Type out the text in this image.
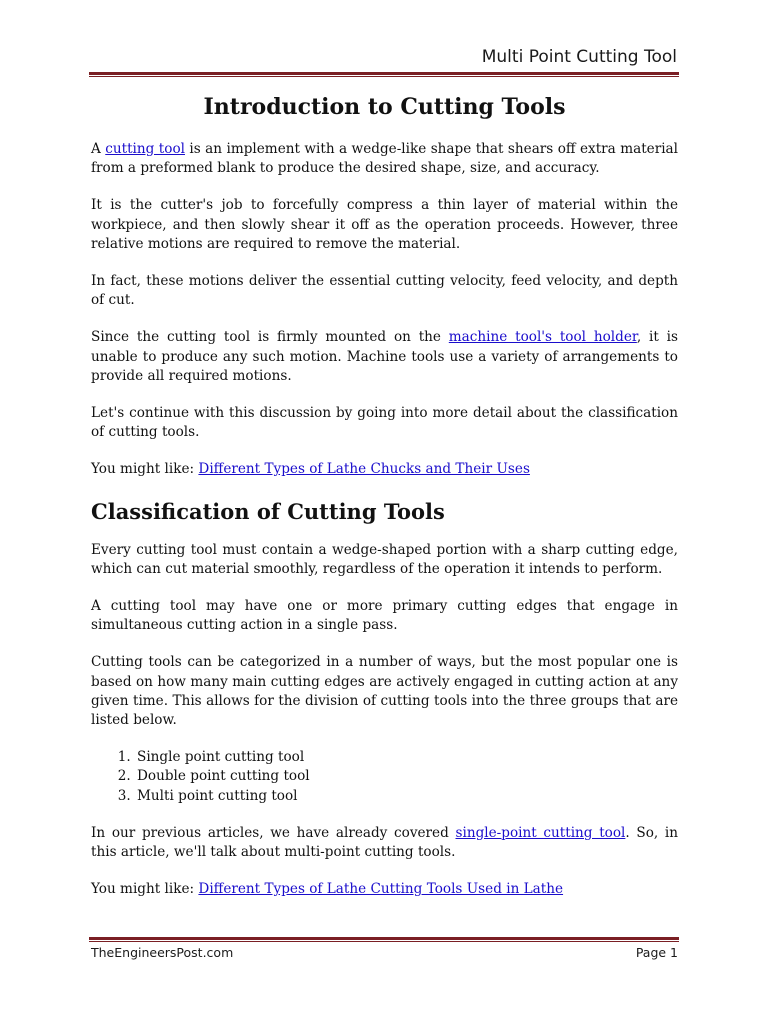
Multi Point Cutting Tool
Introduction to Cutting Tools

A cutting tool is an implement with a wedge-like shape that shears off extra material from a preformed blank to produce the desired shape, size, and accuracy.

It is the cutter's job to forcefully compress a thin layer of material within the workpiece, and then slowly shear it off as the operation proceeds. However, three relative motions are required to remove the material.

In fact, these motions deliver the essential cutting velocity, feed velocity, and depth of cut.

Since the cutting tool is firmly mounted on the machine tool's tool holder, it is unable to produce any such motion. Machine tools use a variety of arrangements to provide all required motions.

Let's continue with this discussion by going into more detail about the classification of cutting tools.

You might like: Different Types of Lathe Chucks and Their Uses

Classification of Cutting Tools

Every cutting tool must contain a wedge-shaped portion with a sharp cutting edge, which can cut material smoothly, regardless of the operation it intends to perform.

A cutting tool may have one or more primary cutting edges that engage in simultaneous cutting action in a single pass.

Cutting tools can be categorized in a number of ways, but the most popular one is based on how many main cutting edges are actively engaged in cutting action at any given time. This allows for the division of cutting tools into the three groups that are listed below.

1. Single point cutting tool
2. Double point cutting tool
3. Multi point cutting tool

In our previous articles, we have already covered single-point cutting tool. So, in this article, we'll talk about multi-point cutting tools.

You might like: Different Types of Lathe Cutting Tools Used in Lathe

TheEngineersPost.com	Page 1
